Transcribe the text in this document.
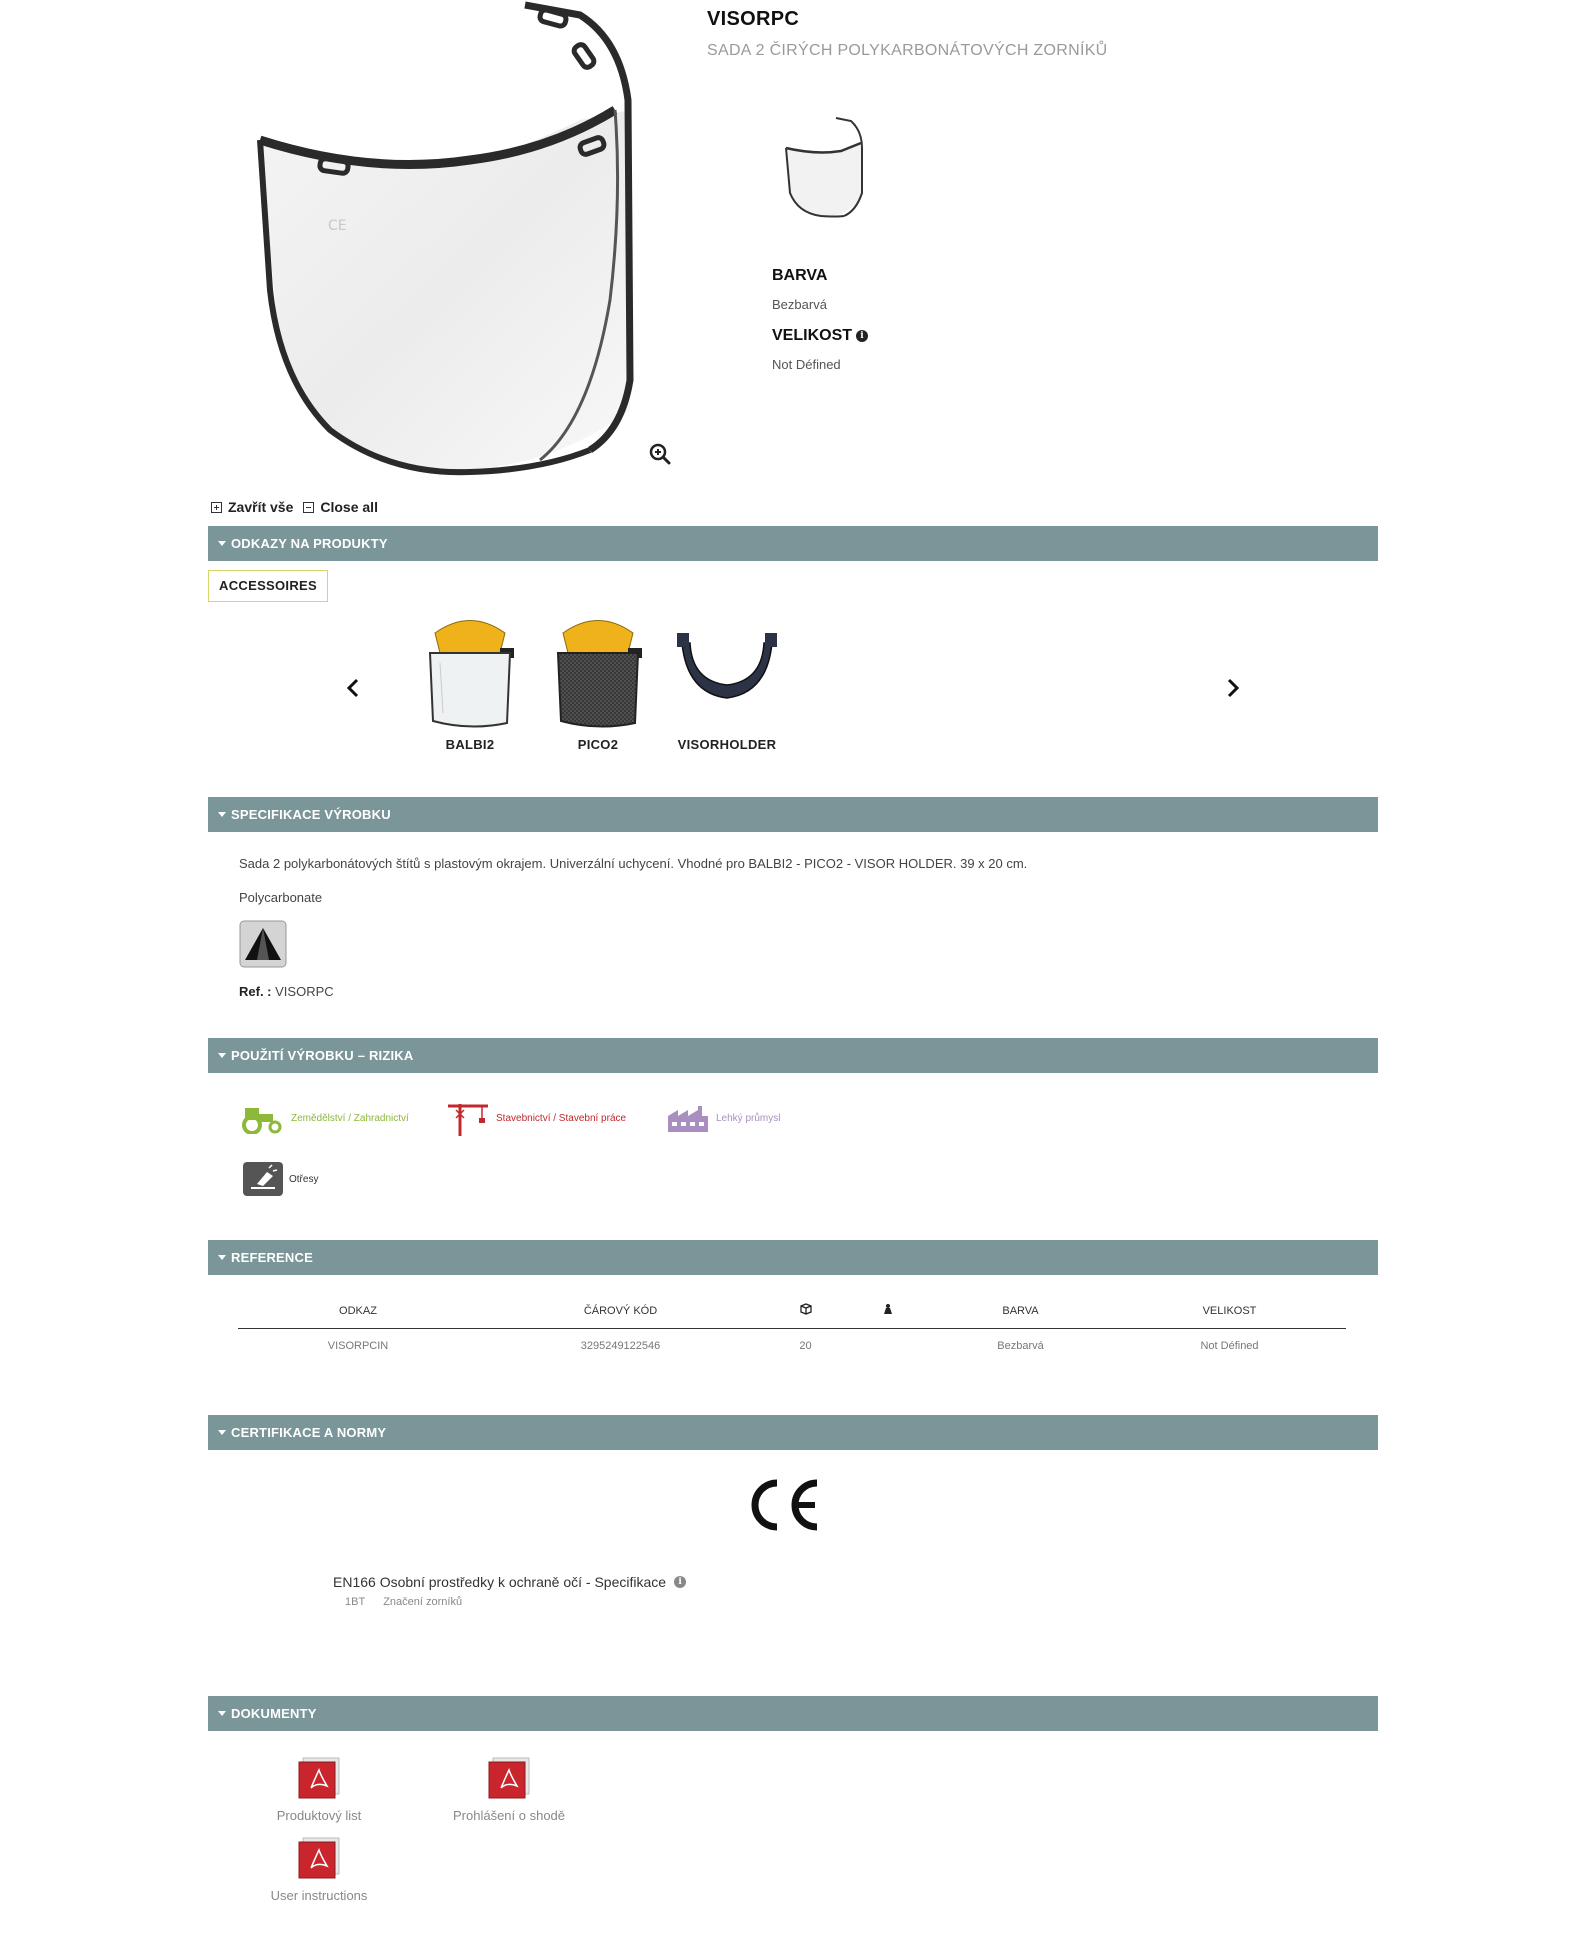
CE
VISORPC
SADA 2 ČIRÝCH POLYKARBONÁTOVÝCH ZORNÍKŮ
BARVA
Bezbarvá
VELIKOST i
Not Défined
Zavřít vše Close all
ODKAZY NA PRODUKTY
ACCESSOIRES
BALBI2	PICO2	VISORHOLDER
SPECIFIKACE VÝROBKU
Sada 2 polykarbonátových štítů s plastovým okrajem. Univerzální uchycení. Vhodné pro BALBI2 - PICO2 - VISOR HOLDER. 39 x 20 cm.
Polycarbonate
Ref. : VISORPC
POUŽITÍ VÝROBKU – RIZIKA
Zemědělství / Zahradnictví	Stavebnictví / Stavební práce	Lehký průmysl
Otřesy
REFERENCE
ODKAZ	ČÁROVÝ KÓD			BARVA	VELIKOST
VISORPCIN	3295249122546	20		Bezbarvá	Not Défined
CERTIFIKACE A NORMY
EN166 Osobní prostředky k ochraně očí - Specifikace	i
1BT Značení zorníků
DOKUMENTY
Produktový list	Prohlášení o shodě
User instructions
